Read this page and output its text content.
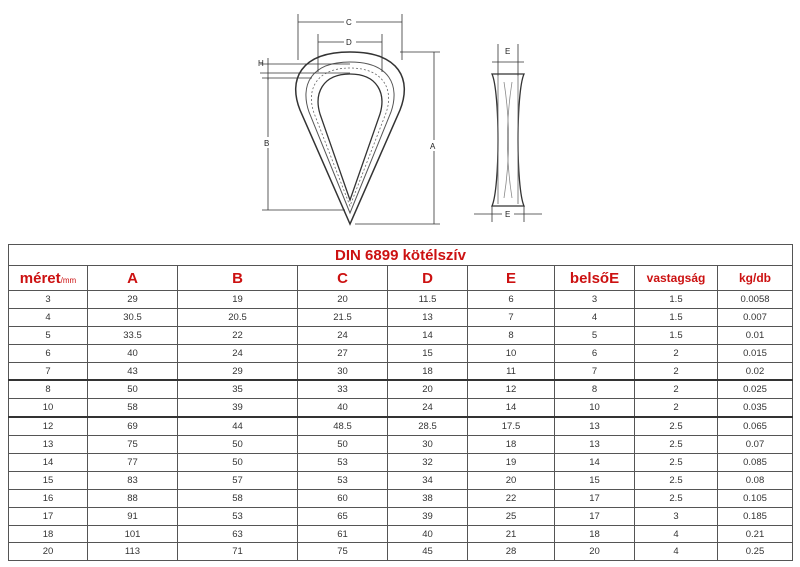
C
D
H
B	A
E
E
DIN 6899 kötélszív								
méret/mm	A	B	C	D	E	belsőE	vastagság	kg/db
3	29	19	20	11.5	6	3	1.5	0.0058
4	30.5	20.5	21.5	13	7	4	1.5	0.007
5	33.5	22	24	14	8	5	1.5	0.01
6	40	24	27	15	10	6	2	0.015
7	43	29	30	18	11	7	2	0.02
8	50	35	33	20	12	8	2	0.025
10	58	39	40	24	14	10	2	0.035
12	69	44	48.5	28.5	17.5	13	2.5	0.065
13	75	50	50	30	18	13	2.5	0.07
14	77	50	53	32	19	14	2.5	0.085
15	83	57	53	34	20	15	2.5	0.08
16	88	58	60	38	22	17	2.5	0.105
17	91	53	65	39	25	17	3	0.185
18	101	63	61	40	21	18	4	0.21
20	113	71	75	45	28	20	4	0.25
